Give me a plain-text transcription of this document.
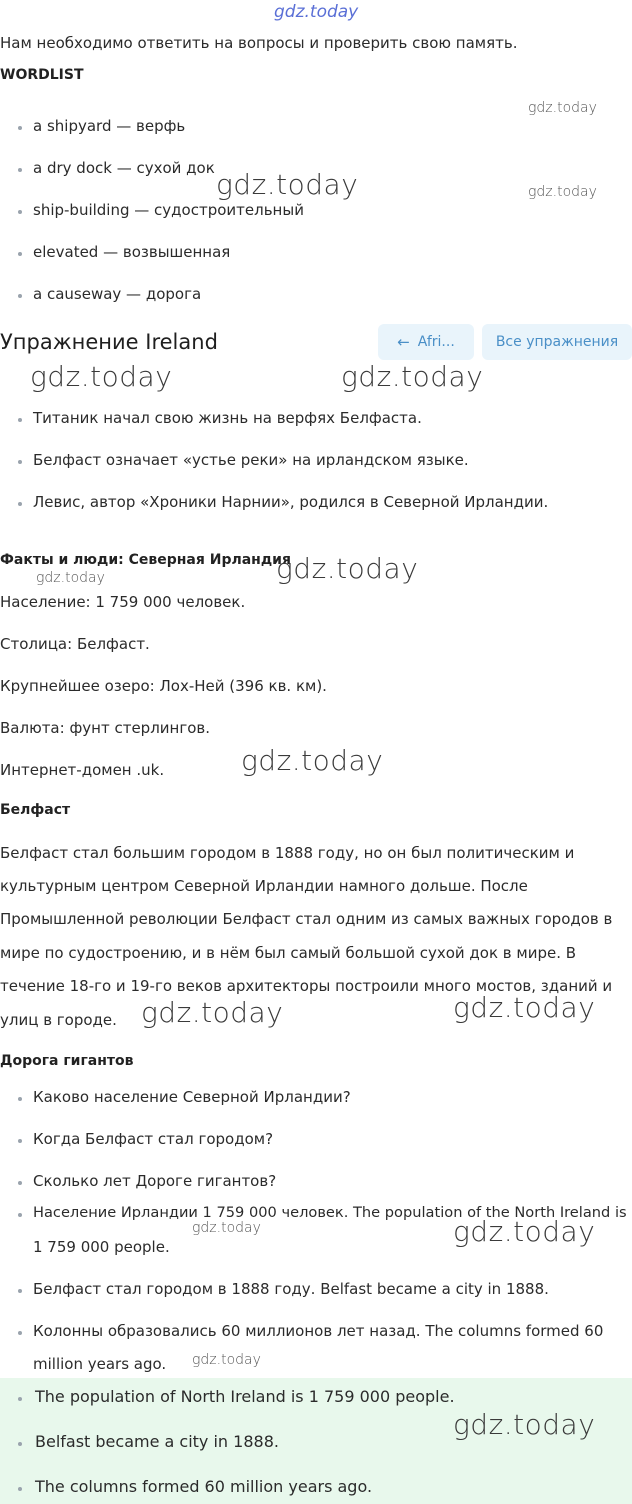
gdz.today
Нам необходимо ответить на вопросы и проверить свою память.
WORDLIST
a shipyard — верфь
a dry dock — сухой док
ship-building — судостроительный
elevated — возвышенная
a causeway — дорога
Упражнение Ireland	← Afri...	Все упражнения
Титаник начал свою жизнь на верфях Белфаста.
Белфаст означает «устье реки» на ирландском языке.
Левис, автор «Хроники Нарнии», родился в Северной Ирландии.
Факты и люди: Северная Ирландия
Население: 1 759 000 человек.
Столица: Белфаст.
Крупнейшее озеро: Лох-Ней (396 кв. км).
Валюта: фунт стерлингов.
Интернет-домен .uk.
Белфаст
Белфаст стал большим городом в 1888 году, но он был политическим и
культурным центром Северной Ирландии намного дольше. После
Промышленной революции Белфаст стал одним из самых важных городов в
мире по судостроению, и в нём был самый большой сухой док в мире. В
течение 18-го и 19-го веков архитекторы построили много мостов, зданий и
улиц в городе.
Дорога гигантов
Каково население Северной Ирландии?
Когда Белфаст стал городом?
Сколько лет Дороге гигантов?
Население Ирландии 1 759 000 человек. The population of the North Ireland is
1 759 000 people.
Белфаст стал городом в 1888 году. Belfast became a city in 1888.
Колонны образовались 60 миллионов лет назад. The columns formed 60
million years ago.
The population of North Ireland is 1 759 000 people.
Belfast became a city in 1888.
The columns formed 60 million years ago.
gdz.today
gdz.today	gdz.today
gdz.today	gdz.today
gdz.today	gdz.today
gdz.today
gdz.today	gdz.today
gdz.today	gdz.today
gdz.today
gdz.today
